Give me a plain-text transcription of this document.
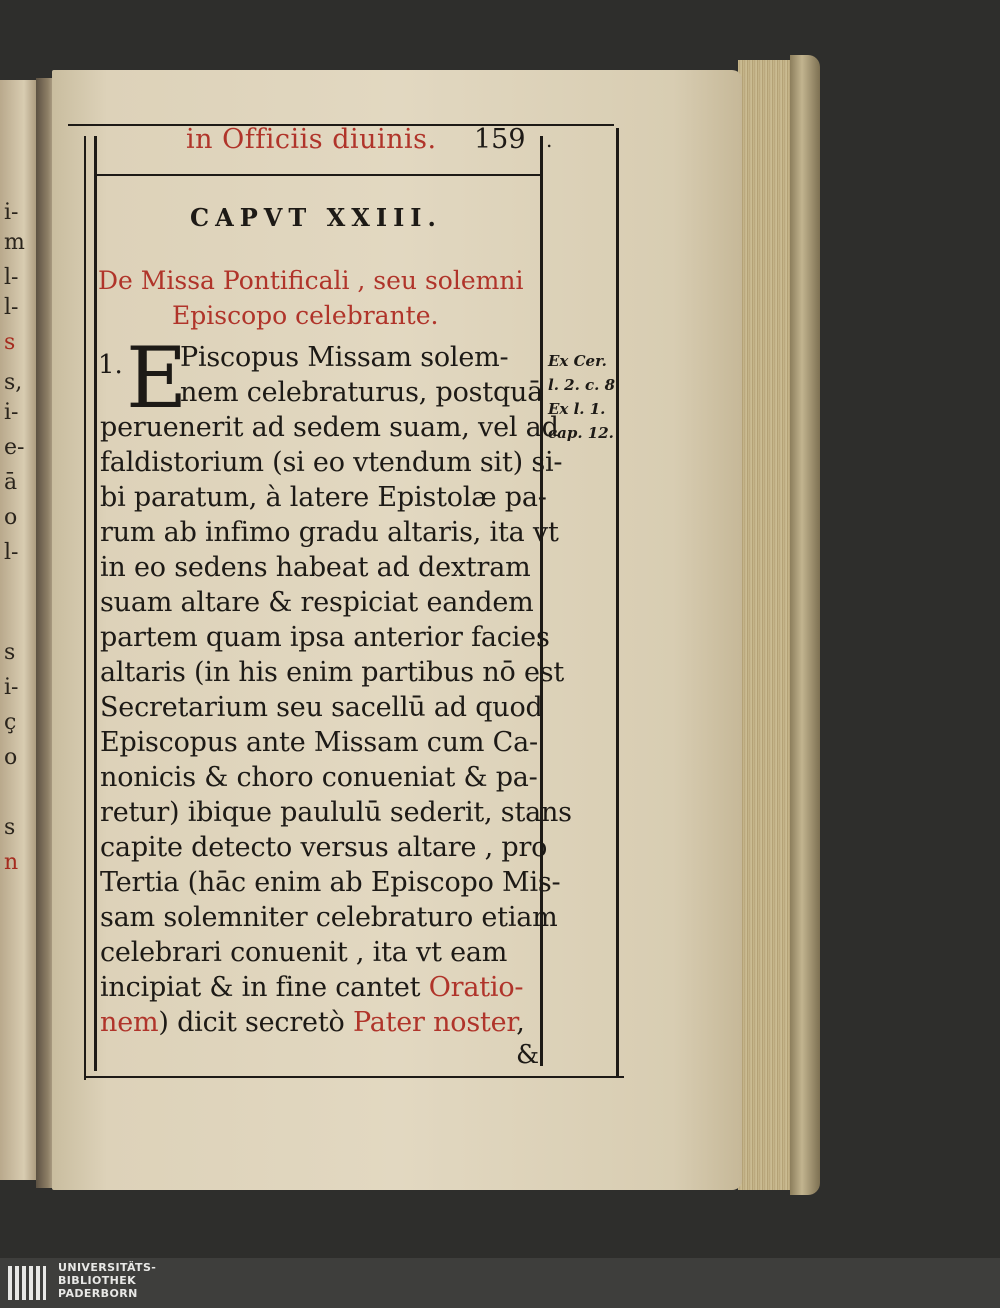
i-
m
l-
l-
s
s,
i-
e-
ā
o
l-
s
i-
ç
o
s
n
in Officiis diuinis. 159 .
CAPVT XXIII.
De Missa Pontificali , seu solemni
Episcopo celebrante.
1. E
Piscopus Missam solem-
nem celebraturus, postquā
peruenerit ad sedem suam, vel ad
faldistorium (si eo vtendum sit) si-
bi paratum, à latere Epistolæ pa-
rum ab infimo gradu altaris, ita vt
in eo sedens habeat ad dextram
suam altare & respiciat eandem
partem quam ipsa anterior facies
altaris (in his enim partibus nō est
Secretarium seu sacellū ad quod
Episcopus ante Missam cum Ca-
nonicis & choro conueniat & pa-
retur) ibique paululū sederit, stans
capite detecto versus altare , pro
Tertia (hāc enim ab Episcopo Mis-
sam solemniter celebraturo etiam
celebrari conuenit , ita vt eam
incipiat & in fine cantet Oratio-
nem) dicit secretò Pater noster,
&
Ex Cer.
l. 2. c. 8.
Ex l. 1.
cap. 12.
UNIVERSITÄTS-
BIBLIOTHEK
PADERBORN
